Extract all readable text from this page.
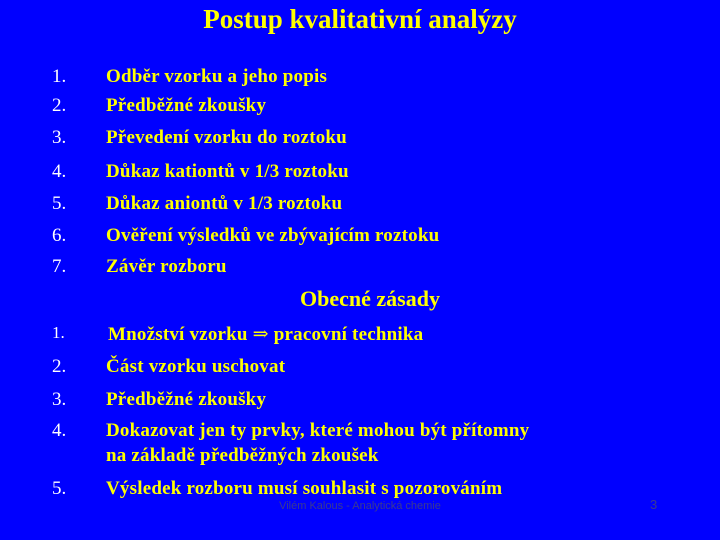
Postup kvalitativní analýzy
1. Odběr vzorku a jeho popis
2. Předběžné zkoušky
3. Převedení vzorku do roztoku
4. Důkaz kationtů v 1/3 roztoku
5. Důkaz aniontů v 1/3 roztoku
6. Ověření výsledků ve zbývajícím roztoku
7. Závěr rozboru
Obecné zásady
1. Množství vzorku ⇒ pracovní technika
2. Část vzorku uschovat
3. Předběžné zkoušky
4. Dokazovat jen ty prvky, které mohou být přítomny
na základě předběžných zkoušek
5. Výsledek rozboru musí souhlasit s pozorováním
Vilém Kalous - Analytická chemie	3
